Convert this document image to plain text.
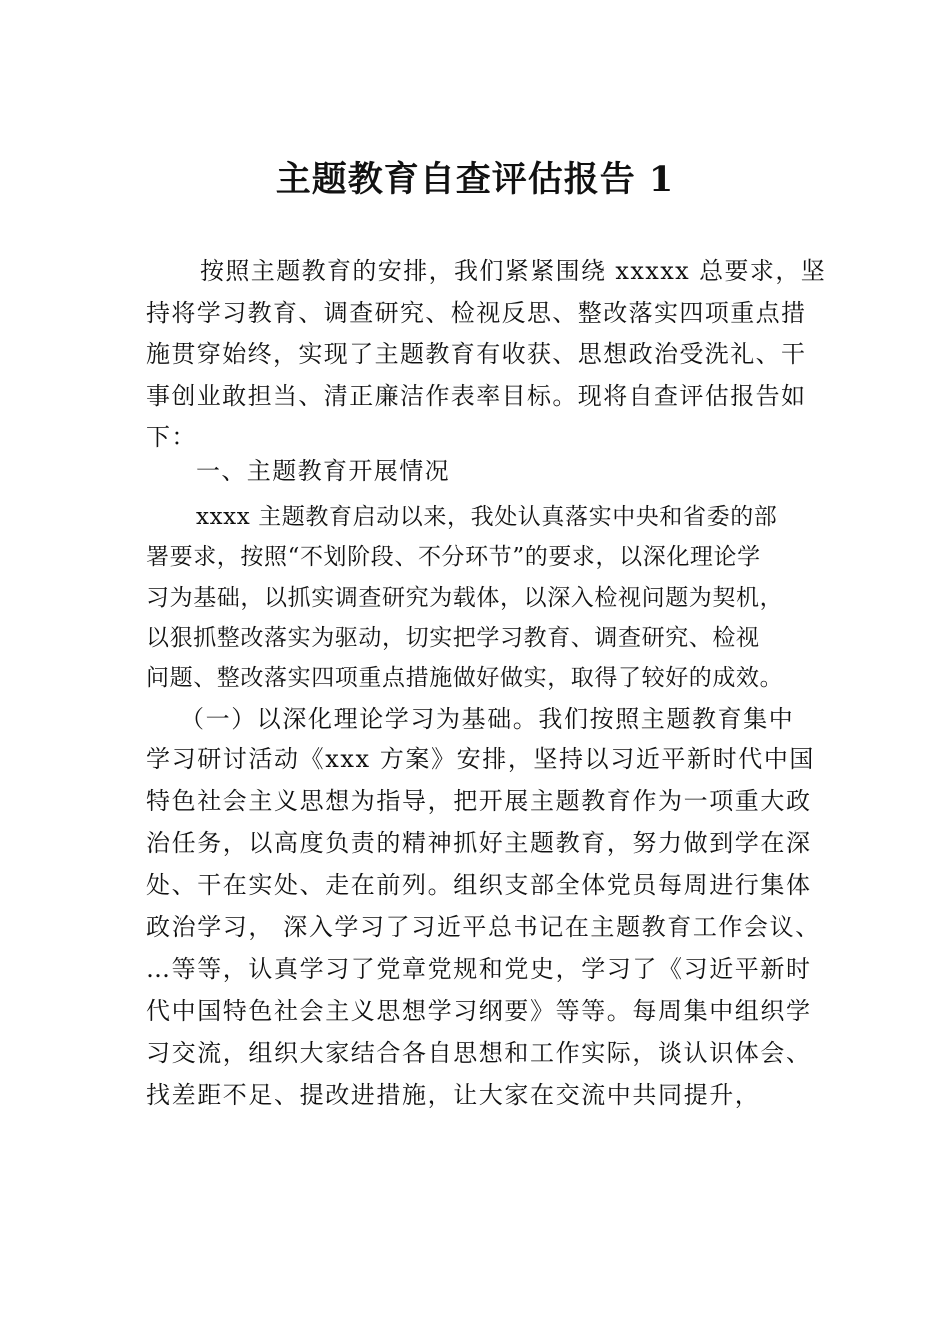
主题教育自查评估报告 1

按照主题教育的安排，我们紧紧围绕 xxxxx 总要求，坚

持将学习教育、调查研究、检视反思、整改落实四项重点措

施贯穿始终，实现了主题教育有收获、思想政治受洗礼、干

事创业敢担当、清正廉洁作表率目标。现将自查评估报告如

下：

一、主题教育开展情况

xxxx 主题教育启动以来，我处认真落实中央和省委的部

署要求，按照“不划阶段、不分环节”的要求，以深化理论学

习为基础，以抓实调查研究为载体，以深入检视问题为契机，

以狠抓整改落实为驱动，切实把学习教育、调查研究、检视

问题、整改落实四项重点措施做好做实，取得了较好的成效。

（一）以深化理论学习为基础。我们按照主题教育集中

学习研讨活动《xxx 方案》安排，坚持以习近平新时代中国

特色社会主义思想为指导，把开展主题教育作为一项重大政

治任务，以高度负责的精神抓好主题教育，努力做到学在深

处、干在实处、走在前列。组织支部全体党员每周进行集体

政治学习， 深入学习了习近平总书记在主题教育工作会议、

…等等，认真学习了党章党规和党史，学习了《习近平新时

代中国特色社会主义思想学习纲要》等等。每周集中组织学

习交流，组织大家结合各自思想和工作实际，谈认识体会、

找差距不足、提改进措施，让大家在交流中共同提升，
